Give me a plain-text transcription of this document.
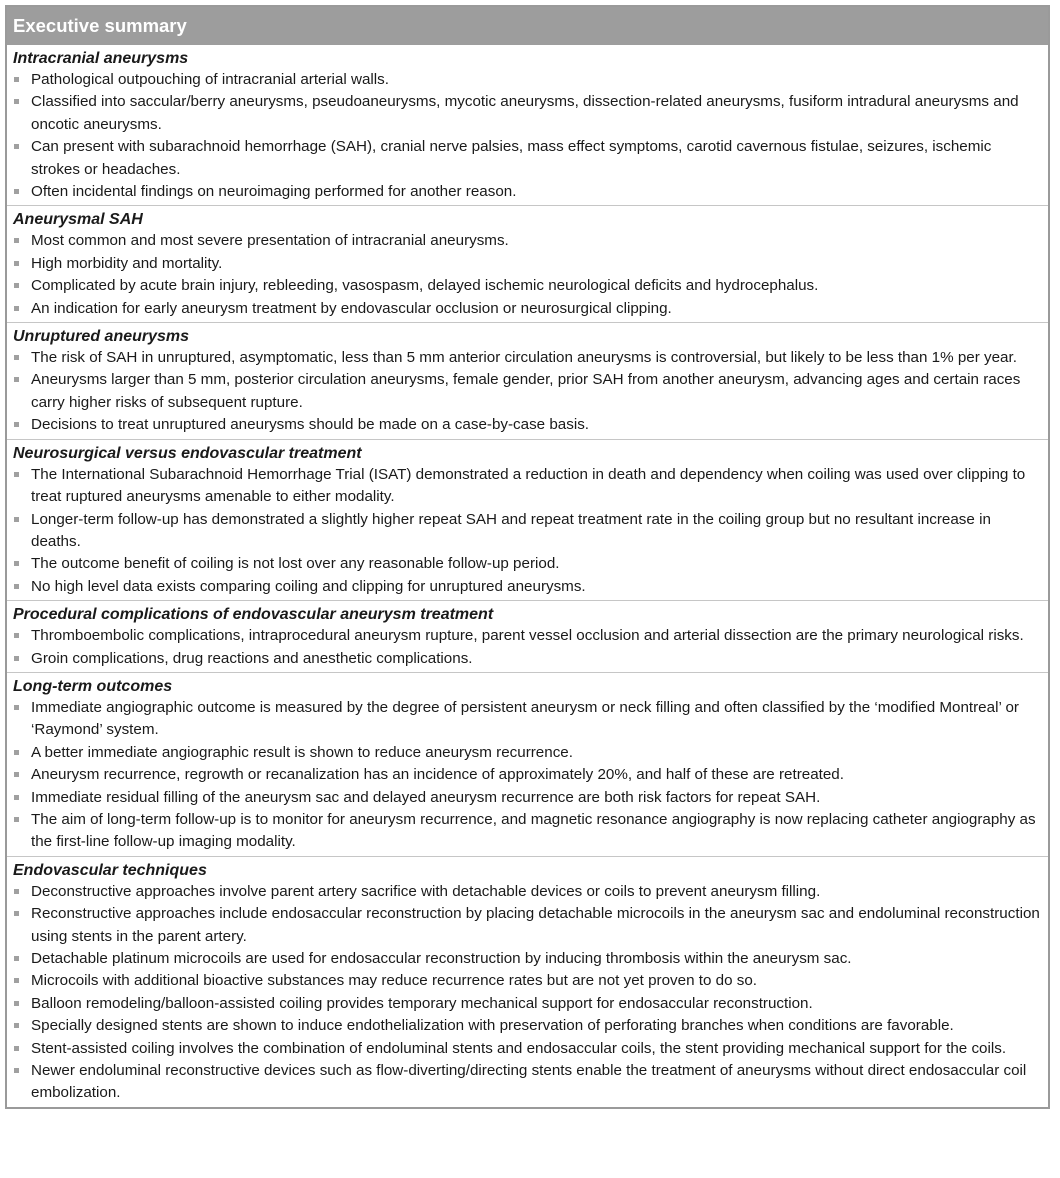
Executive summary
Intracranial aneurysms
Pathological outpouching of intracranial arterial walls.
Classified into saccular/berry aneurysms, pseudoaneurysms, mycotic aneurysms, dissection-related aneurysms, fusiform intradural aneurysms and oncotic aneurysms.
Can present with subarachnoid hemorrhage (SAH), cranial nerve palsies, mass effect symptoms, carotid cavernous fistulae, seizures, ischemic strokes or headaches.
Often incidental findings on neuroimaging performed for another reason.
Aneurysmal SAH
Most common and most severe presentation of intracranial aneurysms.
High morbidity and mortality.
Complicated by acute brain injury, rebleeding, vasospasm, delayed ischemic neurological deficits and hydrocephalus.
An indication for early aneurysm treatment by endovascular occlusion or neurosurgical clipping.
Unruptured aneurysms
The risk of SAH in unruptured, asymptomatic, less than 5 mm anterior circulation aneurysms is controversial, but likely to be less than 1% per year.
Aneurysms larger than 5 mm, posterior circulation aneurysms, female gender, prior SAH from another aneurysm, advancing ages and certain races carry higher risks of subsequent rupture.
Decisions to treat unruptured aneurysms should be made on a case-by-case basis.
Neurosurgical versus endovascular treatment
The International Subarachnoid Hemorrhage Trial (ISAT) demonstrated a reduction in death and dependency when coiling was used over clipping to treat ruptured aneurysms amenable to either modality.
Longer-term follow-up has demonstrated a slightly higher repeat SAH and repeat treatment rate in the coiling group but no resultant increase in deaths.
The outcome benefit of coiling is not lost over any reasonable follow-up period.
No high level data exists comparing coiling and clipping for unruptured aneurysms.
Procedural complications of endovascular aneurysm treatment
Thromboembolic complications, intraprocedural aneurysm rupture, parent vessel occlusion and arterial dissection are the primary neurological risks.
Groin complications, drug reactions and anesthetic complications.
Long-term outcomes
Immediate angiographic outcome is measured by the degree of persistent aneurysm or neck filling and often classified by the ‘modified Montreal’ or ‘Raymond’ system.
A better immediate angiographic result is shown to reduce aneurysm recurrence.
Aneurysm recurrence, regrowth or recanalization has an incidence of approximately 20%, and half of these are retreated.
Immediate residual filling of the aneurysm sac and delayed aneurysm recurrence are both risk factors for repeat SAH.
The aim of long-term follow-up is to monitor for aneurysm recurrence, and magnetic resonance angiography is now replacing catheter angiography as the first-line follow-up imaging modality.
Endovascular techniques
Deconstructive approaches involve parent artery sacrifice with detachable devices or coils to prevent aneurysm filling.
Reconstructive approaches include endosaccular reconstruction by placing detachable microcoils in the aneurysm sac and endoluminal reconstruction using stents in the parent artery.
Detachable platinum microcoils are used for endosaccular reconstruction by inducing thrombosis within the aneurysm sac.
Microcoils with additional bioactive substances may reduce recurrence rates but are not yet proven to do so.
Balloon remodeling/balloon-assisted coiling provides temporary mechanical support for endosaccular reconstruction.
Specially designed stents are shown to induce endothelialization with preservation of perforating branches when conditions are favorable.
Stent-assisted coiling involves the combination of endoluminal stents and endosaccular coils, the stent providing mechanical support for the coils.
Newer endoluminal reconstructive devices such as flow-diverting/directing stents enable the treatment of aneurysms without direct endosaccular coil embolization.
